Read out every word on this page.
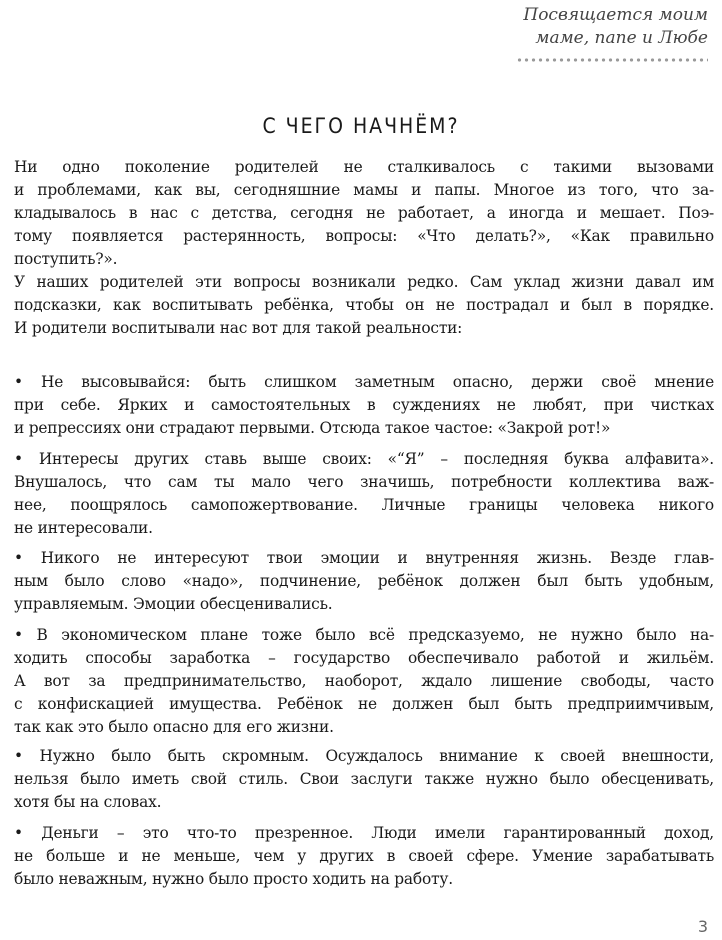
Посвящается моим
маме, папе и Любе
С ЧЕГО НАЧНЁМ?
Ни одно поколение родителей не сталкивалось с такими вызовами
и проблемами, как вы, сегодняшние мамы и папы. Многое из того, что за-
кладывалось в нас с детства, сегодня не работает, а иногда и мешает. Поэ-
тому появляется растерянность, вопросы: «Что делать?», «Как правильно
поступить?».
У наших родителей эти вопросы возникали редко. Сам уклад жизни давал им
подсказки, как воспитывать ребёнка, чтобы он не пострадал и был в порядке.
И родители воспитывали нас вот для такой реальности:
• Не высовывайся: быть слишком заметным опасно, держи своё мнение
при себе. Ярких и самостоятельных в суждениях не любят, при чистках
и репрессиях они страдают первыми. Отсюда такое частое: «Закрой рот!»
• Интересы других ставь выше своих: «“Я” – последняя буква алфавита».
Внушалось, что сам ты мало чего значишь, потребности коллектива важ-
нее, поощрялось самопожертвование. Личные границы человека никого
не интересовали.
• Никого не интересуют твои эмоции и внутренняя жизнь. Везде глав-
ным было слово «надо», подчинение, ребёнок должен был быть удобным,
управляемым. Эмоции обесценивались.
• В экономическом плане тоже было всё предсказуемо, не нужно было на-
ходить способы заработка – государство обеспечивало работой и жильём.
А вот за предпринимательство, наоборот, ждало лишение свободы, часто
с конфискацией имущества. Ребёнок не должен был быть предприимчивым,
так как это было опасно для его жизни.
• Нужно было быть скромным. Осуждалось внимание к своей внешности,
нельзя было иметь свой стиль. Свои заслуги также нужно было обесценивать,
хотя бы на словах.
• Деньги – это что-то презренное. Люди имели гарантированный доход,
не больше и не меньше, чем у других в своей сфере. Умение зарабатывать
было неважным, нужно было просто ходить на работу.
3
